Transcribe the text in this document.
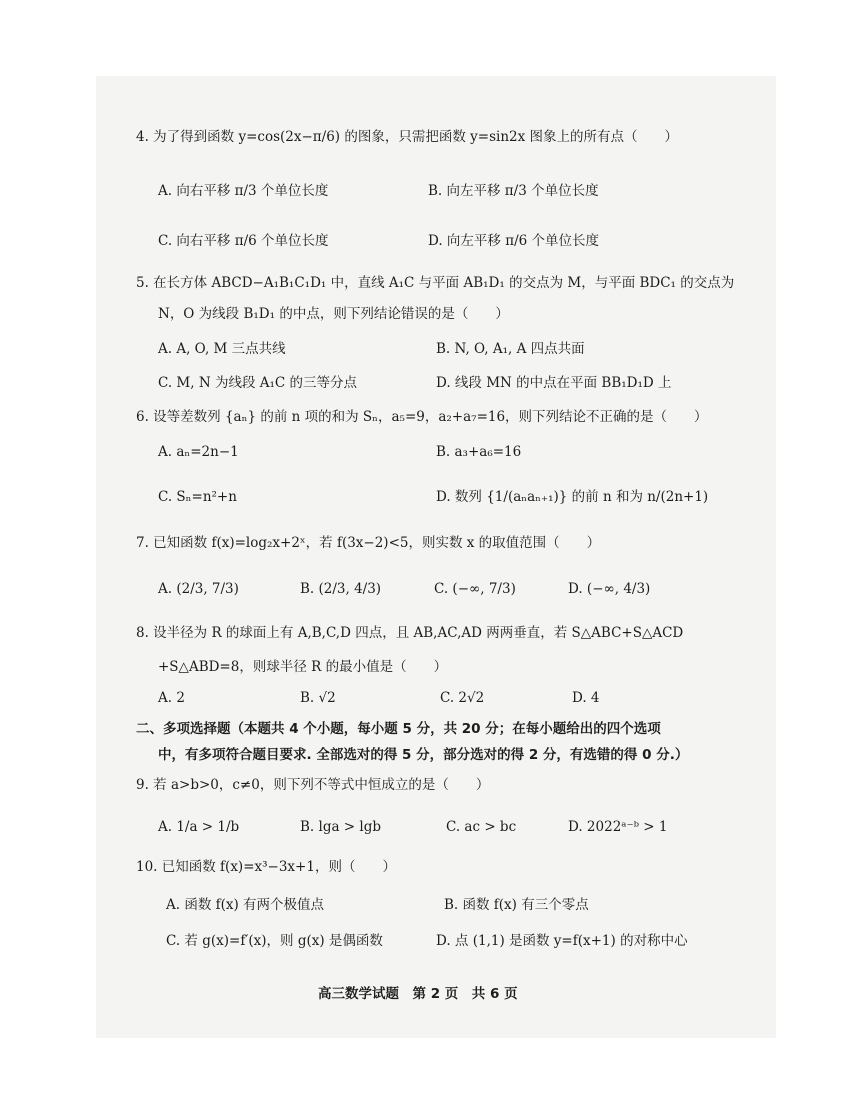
4. 为了得到函数 y=cos(2x−π/6) 的图象，只需把函数 y=sin2x 图象上的所有点（　　）
A. 向右平移 π/3 个单位长度	B. 向左平移 π/3 个单位长度
C. 向右平移 π/6 个单位长度	D. 向左平移 π/6 个单位长度
5. 在长方体 ABCD−A₁B₁C₁D₁ 中，直线 A₁C 与平面 AB₁D₁ 的交点为 M，与平面 BDC₁ 的交点为
N，O 为线段 B₁D₁ 的中点，则下列结论错误的是（　　）
A. A, O, M 三点共线	B. N, O, A₁, A 四点共面
C. M, N 为线段 A₁C 的三等分点	D. 线段 MN 的中点在平面 BB₁D₁D 上
6. 设等差数列 {aₙ} 的前 n 项的和为 Sₙ，a₅=9，a₂+a₇=16，则下列结论不正确的是（　　）
A. aₙ=2n−1	B. a₃+a₆=16
C. Sₙ=n²+n	D. 数列 {1/(aₙaₙ₊₁)} 的前 n 和为 n/(2n+1)
7. 已知函数 f(x)=log₂x+2ˣ，若 f(3x−2)<5，则实数 x 的取值范围（　　）
A. (2/3, 7/3)	B. (2/3, 4/3)	C. (−∞, 7/3)	D. (−∞, 4/3)
8. 设半径为 R 的球面上有 A,B,C,D 四点，且 AB,AC,AD 两两垂直，若 S△ABC+S△ACD
+S△ABD=8，则球半径 R 的最小值是（　　）
A. 2	B. √2	C. 2√2	D. 4
二、多项选择题（本题共 4 个小题，每小题 5 分，共 20 分；在每小题给出的四个选项
中，有多项符合题目要求. 全部选对的得 5 分，部分选对的得 2 分，有选错的得 0 分.）
9. 若 a>b>0，c≠0，则下列不等式中恒成立的是（　　）
A. 1/a > 1/b	B. lga > lgb	C. ac > bc	D. 2022ᵃ⁻ᵇ > 1
10. 已知函数 f(x)=x³−3x+1，则（　　）
A. 函数 f(x) 有两个极值点	B. 函数 f(x) 有三个零点
C. 若 g(x)=f′(x)，则 g(x) 是偶函数	D. 点 (1,1) 是函数 y=f(x+1) 的对称中心
高三数学试题　第 2 页　共 6 页
